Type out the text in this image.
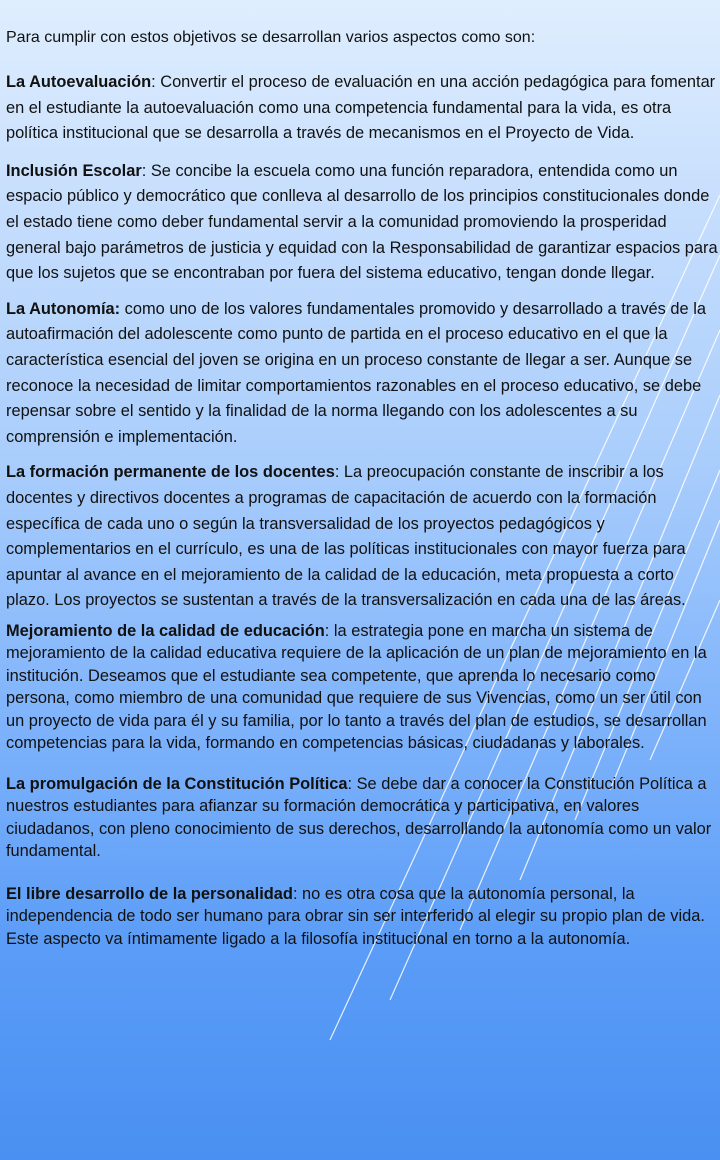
Para cumplir con estos objetivos se desarrollan varios aspectos como son:

La Autoevaluación: Convertir el proceso de evaluación en una acción pedagógica para fomentar en el estudiante la autoevaluación como una competencia fundamental para la vida, es otra política institucional que se desarrolla a través de mecanismos en el Proyecto de Vida.

Inclusión Escolar: Se concibe la escuela como una función reparadora, entendida como un espacio público y democrático que conlleva al desarrollo de los principios constitucionales donde el estado tiene como deber fundamental servir a la comunidad promoviendo la prosperidad general bajo parámetros de justicia y equidad con la Responsabilidad de garantizar espacios para que los sujetos que se encontraban por fuera del sistema educativo, tengan donde llegar.

La Autonomía: como uno de los valores fundamentales promovido y desarrollado a través de la autoafirmación del adolescente como punto de partida en el proceso educativo en el que la característica esencial del joven se origina en un proceso constante de llegar a ser. Aunque se reconoce la necesidad de limitar comportamientos razonables en el proceso educativo, se debe repensar sobre el sentido y la finalidad de la norma llegando con los adolescentes a su comprensión e implementación.

La formación permanente de los docentes: La preocupación constante de inscribir a los docentes y directivos docentes a programas de capacitación de acuerdo con la formación específica de cada uno o según la transversalidad de los proyectos pedagógicos y complementarios en el currículo, es una de las políticas institucionales con mayor fuerza para apuntar al avance en el mejoramiento de la calidad de la educación, meta propuesta a corto plazo. Los proyectos se sustentan a través de la transversalización en cada una de las áreas.

Mejoramiento de la calidad de educación: la estrategia pone en marcha un sistema de mejoramiento de la calidad educativa requiere de la aplicación de un plan de mejoramiento en la institución. Deseamos que el estudiante sea competente, que aprenda lo necesario como persona, como miembro de una comunidad que requiere de sus Vivencias, como un ser útil con un proyecto de vida para él y su familia, por lo tanto a través del plan de estudios, se desarrollan competencias para la vida, formando en competencias básicas, ciudadanas y laborales.

La promulgación de la Constitución Política: Se debe dar a conocer la Constitución Política a nuestros estudiantes para afianzar su formación democrática y participativa, en valores ciudadanos, con pleno conocimiento de sus derechos, desarrollando la autonomía como un valor fundamental.

El libre desarrollo de la personalidad: no es otra cosa que la autonomía personal, la independencia de todo ser humano para obrar sin ser interferido al elegir su propio plan de vida. Este aspecto va íntimamente ligado a la filosofía institucional en torno a la autonomía.
